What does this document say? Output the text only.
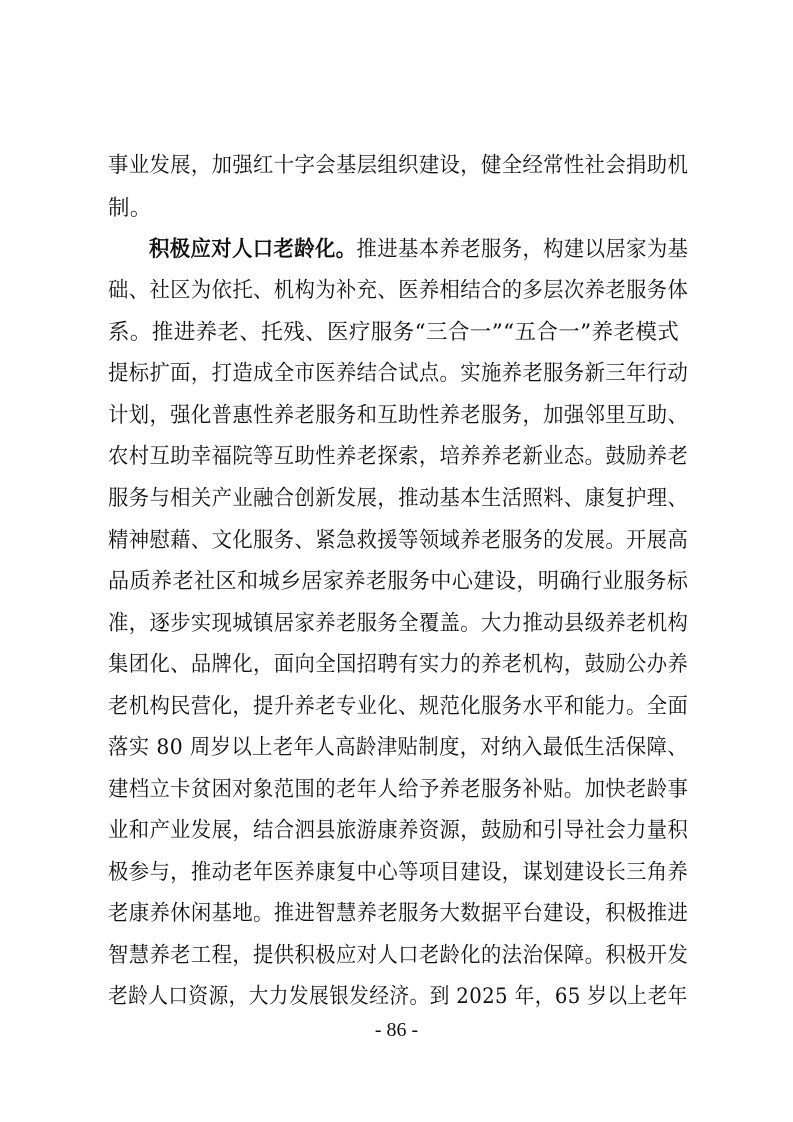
事业发展，加强红十字会基层组织建设，健全经常性社会捐助机
制。
积极应对人口老龄化。推进基本养老服务，构建以居家为基
础、社区为依托、机构为补充、医养相结合的多层次养老服务体
系。推进养老、托残、医疗服务“三合一”“五合一”养老模式
提标扩面，打造成全市医养结合试点。实施养老服务新三年行动
计划，强化普惠性养老服务和互助性养老服务，加强邻里互助、
农村互助幸福院等互助性养老探索，培养养老新业态。鼓励养老
服务与相关产业融合创新发展，推动基本生活照料、康复护理、
精神慰藉、文化服务、紧急救援等领域养老服务的发展。开展高
品质养老社区和城乡居家养老服务中心建设，明确行业服务标
准，逐步实现城镇居家养老服务全覆盖。大力推动县级养老机构
集团化、品牌化，面向全国招聘有实力的养老机构，鼓励公办养
老机构民营化，提升养老专业化、规范化服务水平和能力。全面
落实 80 周岁以上老年人高龄津贴制度，对纳入最低生活保障、
建档立卡贫困对象范围的老年人给予养老服务补贴。加快老龄事
业和产业发展，结合泗县旅游康养资源，鼓励和引导社会力量积
极参与，推动老年医养康复中心等项目建设，谋划建设长三角养
老康养休闲基地。推进智慧养老服务大数据平台建设，积极推进
智慧养老工程，提供积极应对人口老龄化的法治保障。积极开发
老龄人口资源，大力发展银发经济。到 2025 年，65 岁以上老年
- 86 -
